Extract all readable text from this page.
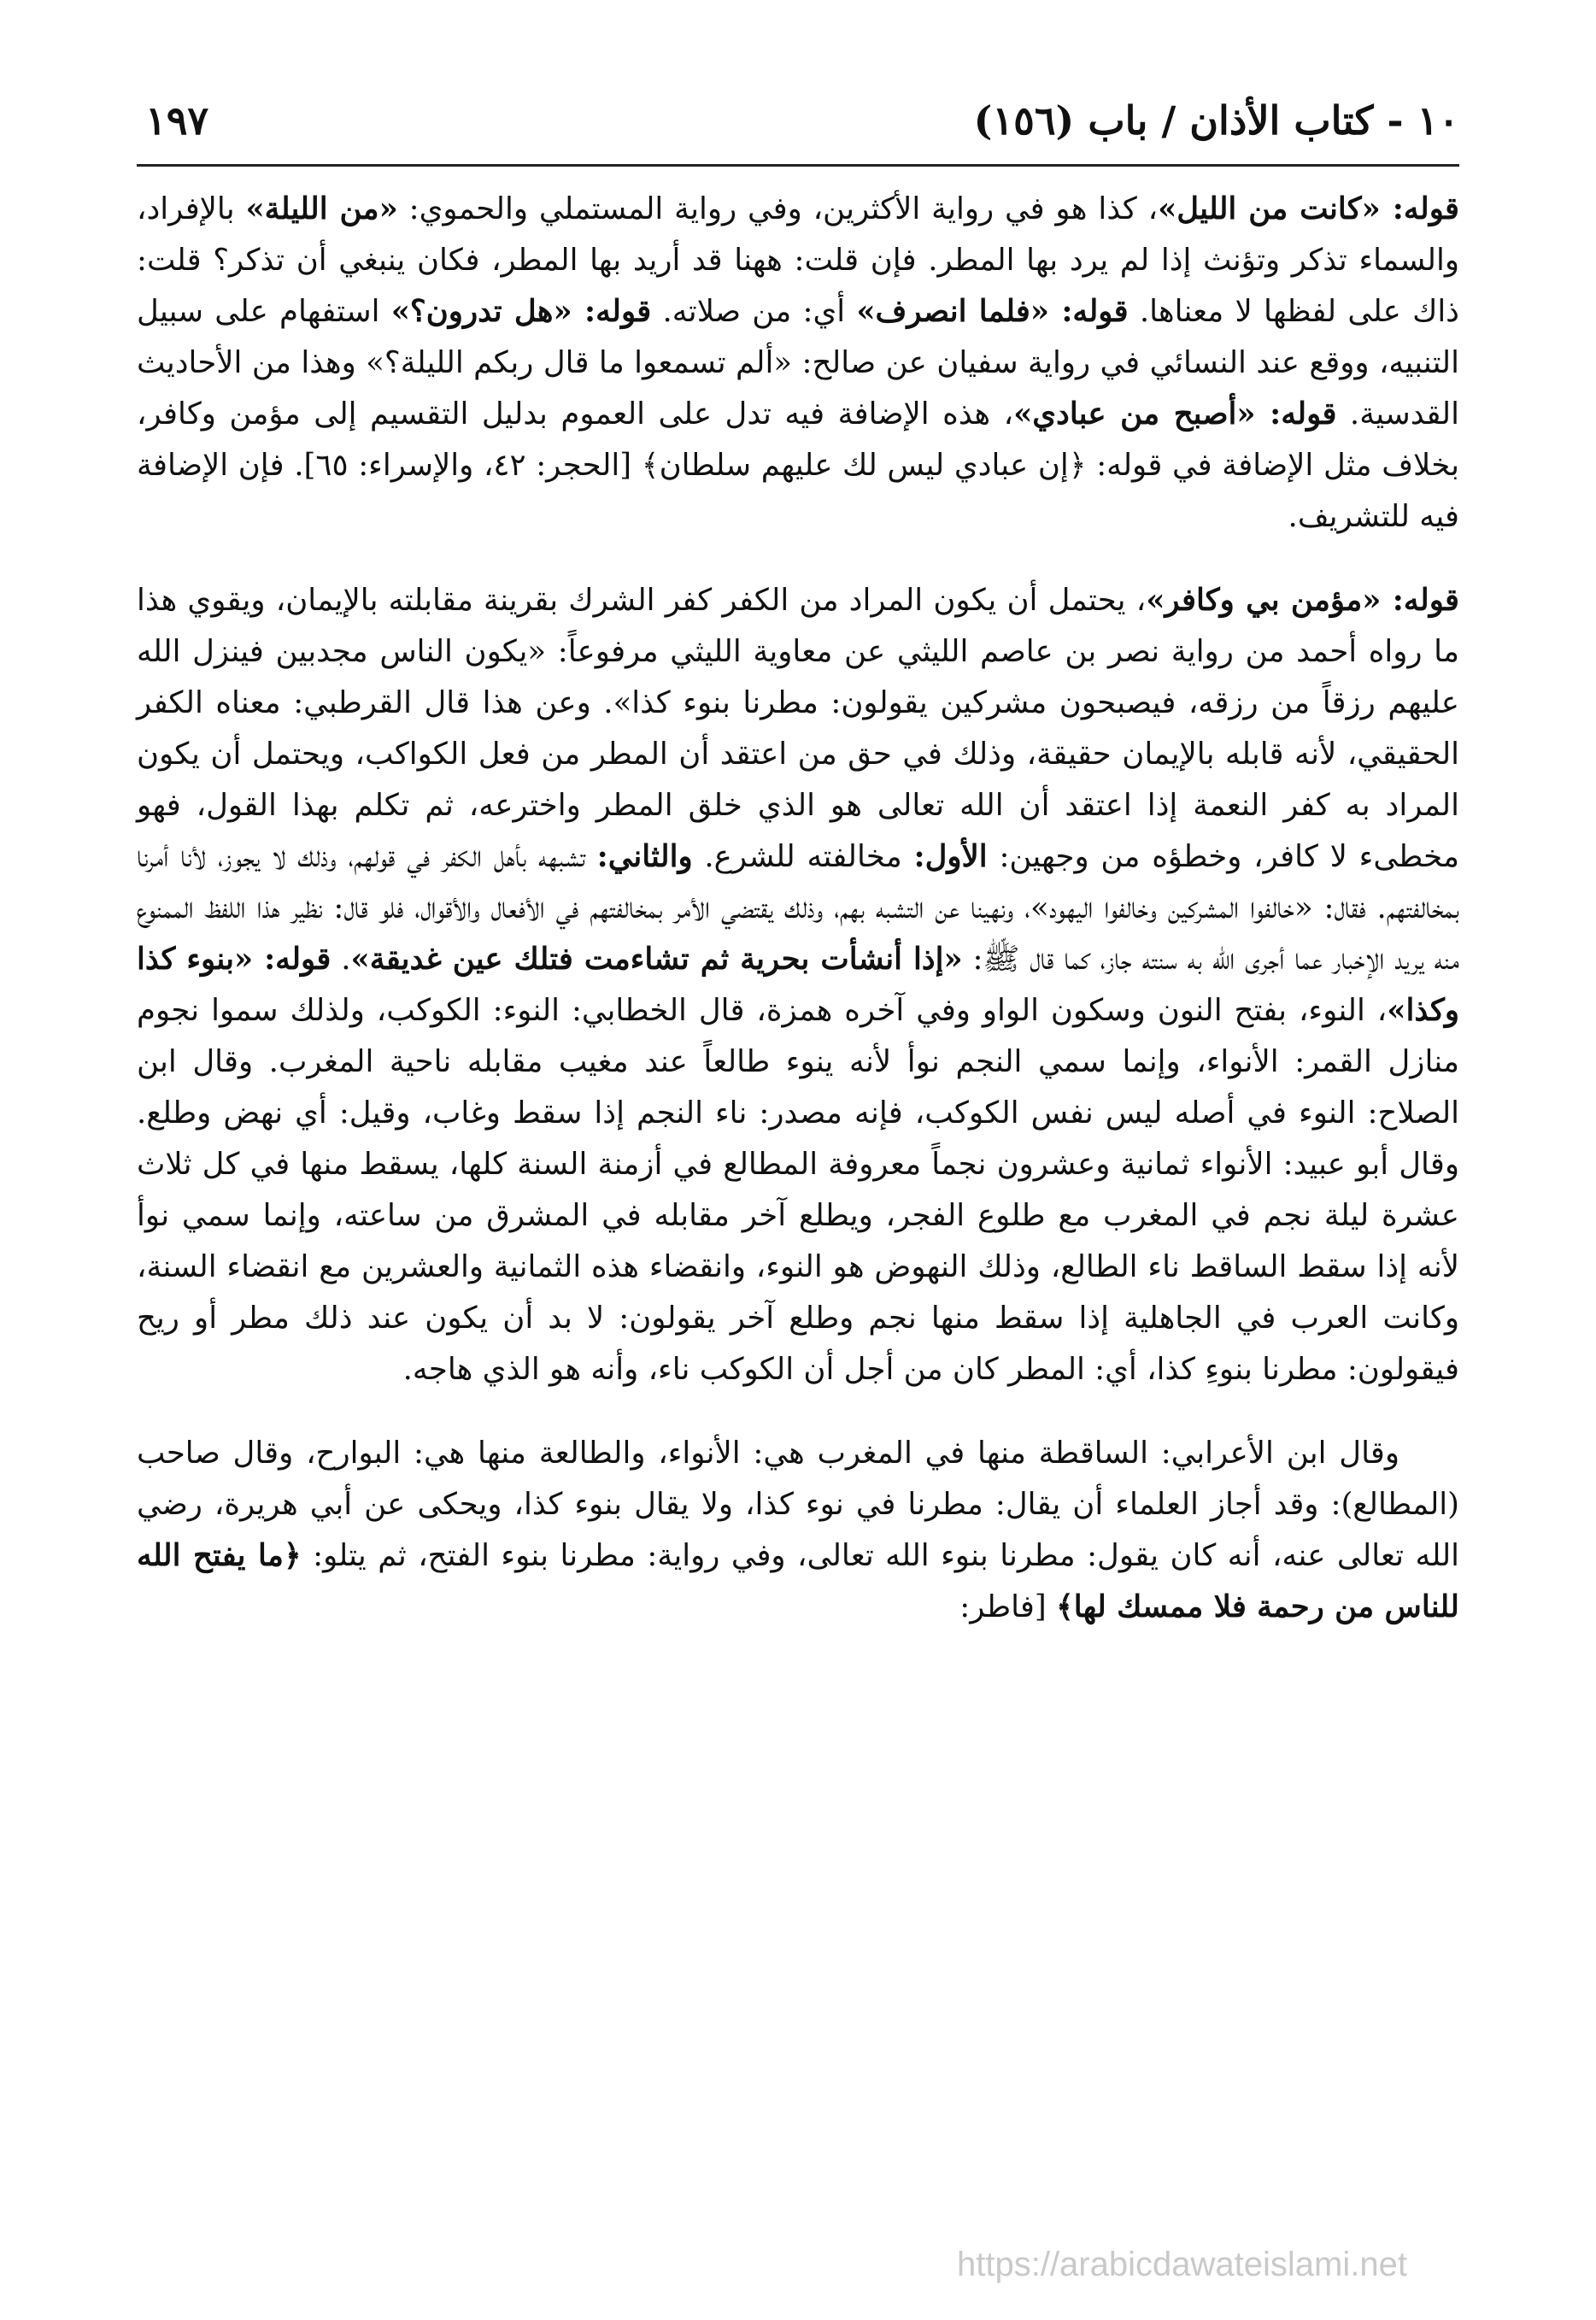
١٠ - كتاب الأذان / باب (١٥٦)
١٩٧

قوله: «كانت من الليل»، كذا هو في رواية الأكثرين، وفي رواية المستملي والحموي: «من الليلة» بالإفراد، والسماء تذكر وتؤنث إذا لم يرد بها المطر. فإن قلت: ههنا قد أريد بها المطر، فكان ينبغي أن تذكر؟ قلت: ذاك على لفظها لا معناها. قوله: «فلما انصرف» أي: من صلاته. قوله: «هل تدرون؟» استفهام على سبيل التنبيه، ووقع عند النسائي في رواية سفيان عن صالح: «ألم تسمعوا ما قال ربكم الليلة؟» وهذا من الأحاديث القدسية. قوله: «أصبح من عبادي»، هذه الإضافة فيه تدل على العموم بدليل التقسيم إلى مؤمن وكافر، بخلاف مثل الإضافة في قوله: ﴿إن عبادي ليس لك عليهم سلطان﴾ [الحجر: ٤٢، والإسراء: ٦٥]. فإن الإضافة فيه للتشريف.

قوله: «مؤمن بي وكافر»، يحتمل أن يكون المراد من الكفر كفر الشرك بقرينة مقابلته بالإيمان، ويقوي هذا ما رواه أحمد من رواية نصر بن عاصم الليثي عن معاوية الليثي مرفوعاً: «يكون الناس مجدبين فينزل الله عليهم رزقاً من رزقه، فيصبحون مشركين يقولون: مطرنا بنوء كذا». وعن هذا قال القرطبي: معناه الكفر الحقيقي، لأنه قابله بالإيمان حقيقة، وذلك في حق من اعتقد أن المطر من فعل الكواكب، ويحتمل أن يكون المراد به كفر النعمة إذا اعتقد أن الله تعالى هو الذي خلق المطر واخترعه، ثم تكلم بهذا القول، فهو مخطىء لا كافر، وخطؤه من وجهين: الأول: مخالفته للشرع. والثاني: تشبهه بأهل الكفر في قولهم، وذلك لا يجوز، لأنا أمرنا بمخالفتهم. فقال: «خالفوا المشركين وخالفوا اليهود»، ونهينا عن التشبه بهم، وذلك يقتضي الأمر بمخالفتهم في الأفعال والأقوال، فلو قال: نظير هذا اللفظ الممنوع منه يريد الإخبار عما أجرى الله به سنته جاز، كما قال ﷺ: «إذا أنشأت بحرية ثم تشاءمت فتلك عين غديقة». قوله: «بنوء كذا وكذا»، النوء، بفتح النون وسكون الواو وفي آخره همزة، قال الخطابي: النوء: الكوكب، ولذلك سموا نجوم منازل القمر: الأنواء، وإنما سمي النجم نوأ لأنه ينوء طالعاً عند مغيب مقابله ناحية المغرب. وقال ابن الصلاح: النوء في أصله ليس نفس الكوكب، فإنه مصدر: ناء النجم إذا سقط وغاب، وقيل: أي نهض وطلع. وقال أبو عبيد: الأنواء ثمانية وعشرون نجماً معروفة المطالع في أزمنة السنة كلها، يسقط منها في كل ثلاث عشرة ليلة نجم في المغرب مع طلوع الفجر، ويطلع آخر مقابله في المشرق من ساعته، وإنما سمي نوأ لأنه إذا سقط الساقط ناء الطالع، وذلك النهوض هو النوء، وانقضاء هذه الثمانية والعشرين مع انقضاء السنة، وكانت العرب في الجاهلية إذا سقط منها نجم وطلع آخر يقولون: لا بد أن يكون عند ذلك مطر أو ريح فيقولون: مطرنا بنوءِ كذا، أي: المطر كان من أجل أن الكوكب ناء، وأنه هو الذي هاجه.

وقال ابن الأعرابي: الساقطة منها في المغرب هي: الأنواء، والطالعة منها هي: البوارح، وقال صاحب (المطالع): وقد أجاز العلماء أن يقال: مطرنا في نوء كذا، ولا يقال بنوء كذا، ويحكى عن أبي هريرة، رضي الله تعالى عنه، أنه كان يقول: مطرنا بنوء الله تعالى، وفي رواية: مطرنا بنوء الفتح، ثم يتلو: ﴿ما يفتح الله للناس من رحمة فلا ممسك لها﴾ [فاطر:

https://arabicdawateislami.net
